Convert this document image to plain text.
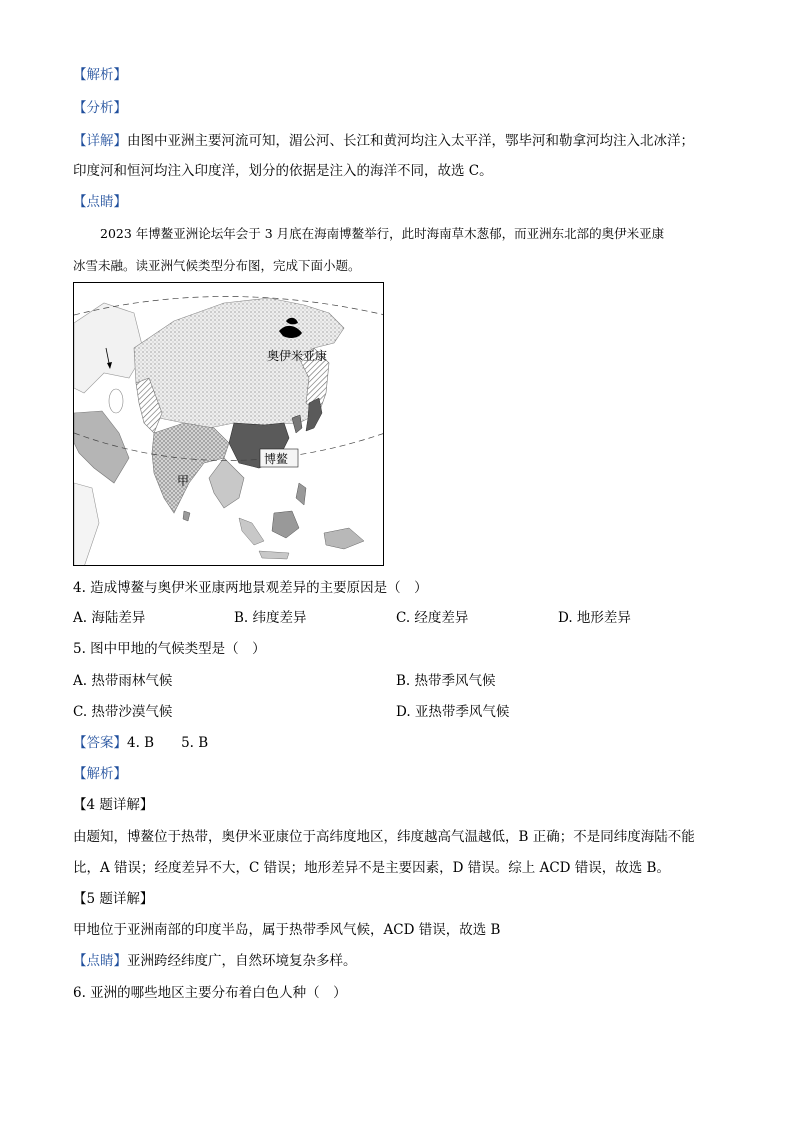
【解析】
【分析】
【详解】由图中亚洲主要河流可知，湄公河、长江和黄河均注入太平洋，鄂毕河和勒拿河均注入北冰洋；
印度河和恒河均注入印度洋，划分的依据是注入的海洋不同，故选 C。
【点睛】
2023 年博鳌亚洲论坛年会于 3 月底在海南博鳌举行，此时海南草木葱郁，而亚洲东北部的奥伊米亚康
冰雪未融。读亚洲气候类型分布图，完成下面小题。
奥伊米亚康
博鳌
甲
4. 造成博鳌与奥伊米亚康两地景观差异的主要原因是（　）
A. 海陆差异	B. 纬度差异	C. 经度差异	D. 地形差异
5. 图中甲地的气候类型是（　）
A. 热带雨林气候	B. 热带季风气候
C. 热带沙漠气候	D. 亚热带季风气候
【答案】4. B　　5. B
【解析】
【4 题详解】
由题知，博鳌位于热带，奥伊米亚康位于高纬度地区，纬度越高气温越低，B 正确；不是同纬度海陆不能
比，A 错误；经度差异不大，C 错误；地形差异不是主要因素，D 错误。综上 ACD 错误，故选 B。
【5 题详解】
甲地位于亚洲南部的印度半岛，属于热带季风气候，ACD 错误，故选 B
【点睛】亚洲跨经纬度广，自然环境复杂多样。
6. 亚洲的哪些地区主要分布着白色人种（　）
